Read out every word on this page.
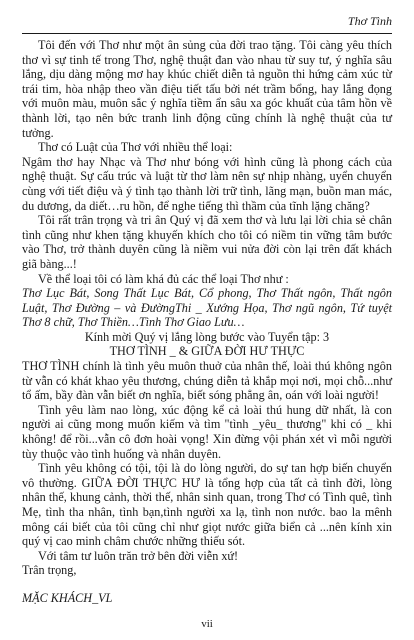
Thơ Tình

Tôi đến với Thơ như một ân sủng của đời trao tặng. Tôi càng yêu thích thơ vì sự tinh tế trong Thơ, nghệ thuật đan vào nhau từ suy tư, ý nghĩa sâu lắng, dịu dàng mộng mơ hay khúc chiết diễn tả nguồn thi hứng cảm xúc từ trái tim, hòa nhập theo vần điệu tiết tấu bởi nét trầm bổng, hay lắng đọng với muôn màu, muôn sắc ý nghĩa tiềm ẩn sâu xa góc khuất của tâm hồn về thành lời, tạo nên bức tranh linh động cũng chính là nghệ thuật của tư tưởng.

Thơ có Luật của Thơ với nhiều thể loại:

Ngâm thơ hay Nhạc và Thơ như bóng với hình cũng là phong cách của nghệ thuật. Sự cấu trúc và luật từ thơ làm nên sự nhịp nhàng, uyển chuyển cùng với tiết điệu và ý tình tạo thành lời trữ tình, lãng mạn, buồn man mác, du dương, da diết…ru hồn, để nghe tiếng thì thầm của tĩnh lặng chăng?

Tôi rất trân trọng và tri ân Quý vị đã xem thơ và lưu lại lời chia sẻ chân tình cũng như khen tặng khuyến khích cho tôi có niềm tin vững tâm bước vào Thơ, trở thành duyên cũng là niềm vui nửa đời còn lại trên đất khách giã bàng...!

Về thể loại tôi có làm khá đủ các thể loại Thơ như :

Thơ Lục Bát, Song Thất Lục Bát, Cổ phong, Thơ Thất ngôn, Thất ngôn Luật, Thơ Đường – và ĐườngThi _ Xướng Họa, Thơ ngũ ngôn, Tứ tuyệt Thơ 8 chữ, Thơ Thiền…Tình Thơ Giao Lưu…

Kính mời Quý vị lắng lòng bước vào Tuyển tập: 3

THƠ TÌNH _ & GIỮA ĐỜI HƯ THỰC

THƠ TÌNH chính là tình yêu muôn thuở của nhân thế, loài thú không ngôn từ vẫn có khát khao yêu thương, chúng diễn tả khắp mọi nơi, mọi chỗ...như tổ ấm, bầy đàn vẫn biết ơn nghĩa, biết sóng phẳng ân, oán với loài người!

Tình yêu làm nao lòng, xúc động kể cả loài thú hung dữ nhất, là con người ai cũng mong muốn kiếm và tìm "tình _yêu_ thương" khi có _ khi không! để rồi...vẫn cô đơn hoài vọng! Xin đừng vội phán xét vì mỗi người tùy thuộc vào tình huống và nhân duyên.

Tình yêu không có tội, tội là do lòng người, do sự tan hợp biến chuyển vô thường. GIỮA ĐỜI THỰC HƯ là tổng hợp của tất cả tình đời, lòng nhân thế, khung cảnh, thời thế, nhân sinh quan, trong Thơ có Tình quê, tình Mẹ, tình tha nhân, tình bạn,tình người xa lạ, tình non nước. bao la mênh mông cái biết của tôi cũng chỉ như giọt nước giữa biển cả ...nên kính xin quý vị cao minh châm chước những thiếu sót.

Với tâm tư luôn trăn trở bên đời viễn xứ!

Trân trọng,

MẶC KHÁCH_VL

vii
